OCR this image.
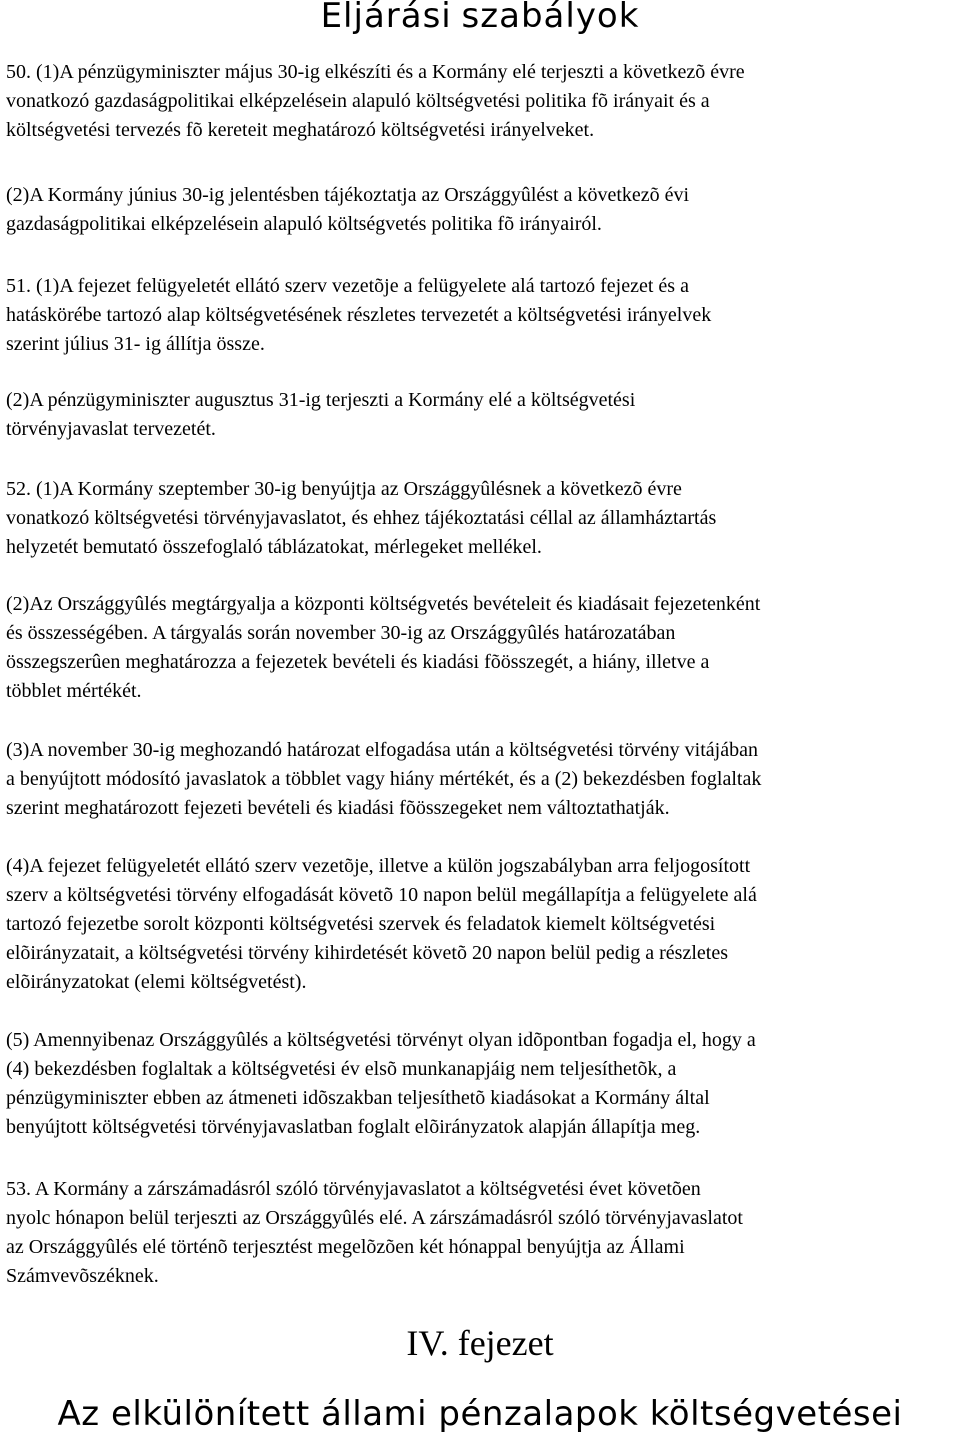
Eljárási szabályok

50. (1)A pénzügyminiszter május 30-ig elkészíti és a Kormány elé terjeszti a következõ évre
vonatkozó gazdaságpolitikai elképzelésein alapuló költségvetési politika fõ irányait és a
költségvetési tervezés fõ kereteit meghatározó költségvetési irányelveket.

(2)A Kormány június 30-ig jelentésben tájékoztatja az Országgyûlést a következõ évi
gazdaságpolitikai elképzelésein alapuló költségvetés politika fõ irányairól.

51. (1)A fejezet felügyeletét ellátó szerv vezetõje a felügyelete alá tartozó fejezet és a
hatáskörébe tartozó alap költségvetésének részletes tervezetét a költségvetési irányelvek
szerint július 31- ig állítja össze.

(2)A pénzügyminiszter augusztus 31-ig terjeszti a Kormány elé a költségvetési
törvényjavaslat tervezetét.

52. (1)A Kormány szeptember 30-ig benyújtja az Országgyûlésnek a következõ évre
vonatkozó költségvetési törvényjavaslatot, és ehhez tájékoztatási céllal az államháztartás
helyzetét bemutató összefoglaló táblázatokat, mérlegeket mellékel.

(2)Az Országgyûlés megtárgyalja a központi költségvetés bevételeit és kiadásait fejezetenként
és összességében. A tárgyalás során november 30-ig az Országgyûlés határozatában
összegszerûen meghatározza a fejezetek bevételi és kiadási fõösszegét, a hiány, illetve a
többlet mértékét.

(3)A november 30-ig meghozandó határozat elfogadása után a költségvetési törvény vitájában
a benyújtott módosító javaslatok a többlet vagy hiány mértékét, és a (2) bekezdésben foglaltak
szerint meghatározott fejezeti bevételi és kiadási fõösszegeket nem változtathatják.

(4)A fejezet felügyeletét ellátó szerv vezetõje, illetve a külön jogszabályban arra feljogosított
szerv a költségvetési törvény elfogadását követõ 10 napon belül megállapítja a felügyelete alá
tartozó fejezetbe sorolt központi költségvetési szervek és feladatok kiemelt költségvetési
elõirányzatait, a költségvetési törvény kihirdetését követõ 20 napon belül pedig a részletes
elõirányzatokat (elemi költségvetést).

(5) Amennyibenaz Országgyûlés a költségvetési törvényt olyan idõpontban fogadja el, hogy a
(4) bekezdésben foglaltak a költségvetési év elsõ munkanapjáig nem teljesíthetõk, a
pénzügyminiszter ebben az átmeneti idõszakban teljesíthetõ kiadásokat a Kormány által
benyújtott költségvetési törvényjavaslatban foglalt elõirányzatok alapján állapítja meg.

53. A Kormány a zárszámadásról szóló törvényjavaslatot a költségvetési évet követõen
nyolc hónapon belül terjeszti az Országgyûlés elé. A zárszámadásról szóló törvényjavaslatot
az Országgyûlés elé történõ terjesztést megelõzõen két hónappal benyújtja az Állami
Számvevõszéknek.

IV. fejezet
Az elkülönített állami pénzalapok költségvetései
